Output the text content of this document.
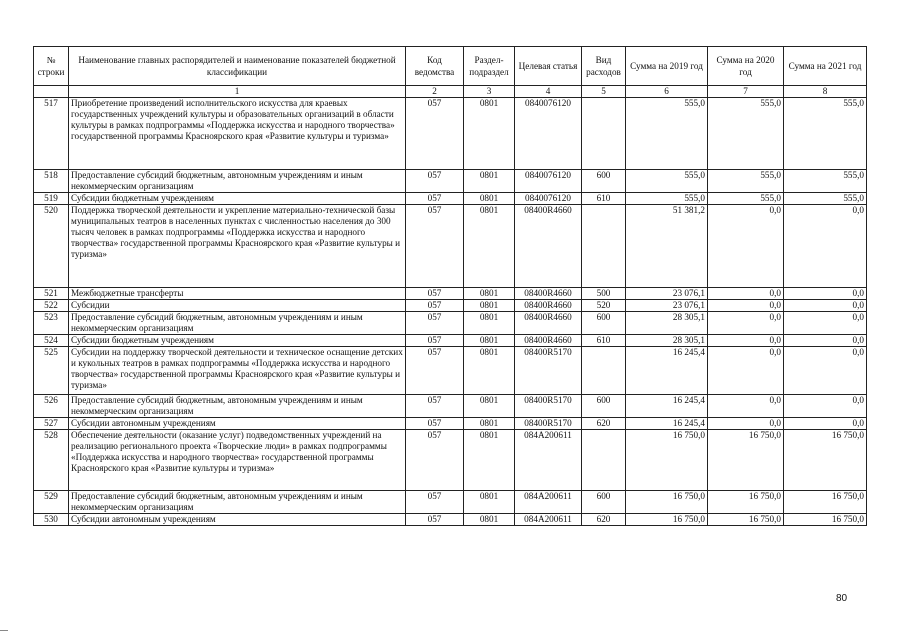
№ строки	Наименование главных распорядителей и наименование показателей бюджетной классификации	Код ведомства	Раздел-подраздел	Целевая статья	Вид расходов	Сумма на 2019 год	Сумма на 2020 год	Сумма на 2021 год
	1	2	3	4	5	6	7	8
517	Приобретение произведений исполнительского искусства для краевых государственных учреждений культуры и образовательных организаций в области культуры в рамках подпрограммы «Поддержка искусства и народного творчества» государственной программы Красноярского края «Развитие культуры и туризма»	057	0801	0840076120		555,0	555,0	555,0
518	Предоставление субсидий бюджетным, автономным учреждениям и иным некоммерческим организациям	057	0801	0840076120	600	555,0	555,0	555,0
519	Субсидии бюджетным учреждениям	057	0801	0840076120	610	555,0	555,0	555,0
520	Поддержка творческой деятельности и укрепление материально-технической базы муниципальных театров в населенных пунктах с численностью населения до 300 тысяч человек в рамках подпрограммы «Поддержка искусства и народного творчества» государственной программы Красноярского края «Развитие культуры и туризма»	057	0801	08400R4660		51 381,2	0,0	0,0
521	Межбюджетные трансферты	057	0801	08400R4660	500	23 076,1	0,0	0,0
522	Субсидии	057	0801	08400R4660	520	23 076,1	0,0	0,0
523	Предоставление субсидий бюджетным, автономным учреждениям и иным некоммерческим организациям	057	0801	08400R4660	600	28 305,1	0,0	0,0
524	Субсидии бюджетным учреждениям	057	0801	08400R4660	610	28 305,1	0,0	0,0
525	Субсидии на поддержку творческой деятельности и техническое оснащение детских и кукольных театров в рамках подпрограммы «Поддержка искусства и народного творчества» государственной программы Красноярского края «Развитие культуры и туризма»	057	0801	08400R5170		16 245,4	0,0	0,0
526	Предоставление субсидий бюджетным, автономным учреждениям и иным некоммерческим организациям	057	0801	08400R5170	600	16 245,4	0,0	0,0
527	Субсидии автономным учреждениям	057	0801	08400R5170	620	16 245,4	0,0	0,0
528	Обеспечение деятельности (оказание услуг) подведомственных учреждений на реализацию регионального проекта «Творческие люди» в рамках подпрограммы «Поддержка искусства и народного творчества» государственной программы Красноярского края «Развитие культуры и туризма»	057	0801	084A200611		16 750,0	16 750,0	16 750,0
529	Предоставление субсидий бюджетным, автономным учреждениям и иным некоммерческим организациям	057	0801	084A200611	600	16 750,0	16 750,0	16 750,0
530	Субсидии автономным учреждениям	057	0801	084A200611	620	16 750,0	16 750,0	16 750,0
80
